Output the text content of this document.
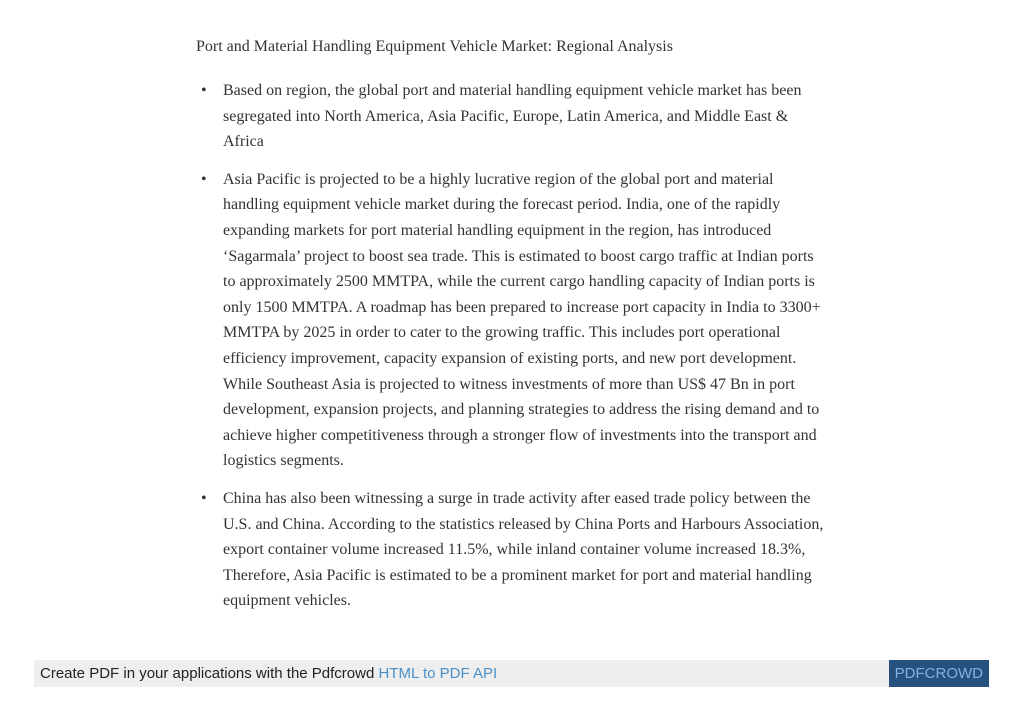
Port and Material Handling Equipment Vehicle Market: Regional Analysis
• Based on region, the global port and material handling equipment vehicle market has been segregated into North America, Asia Pacific, Europe, Latin America, and Middle East & Africa
• Asia Pacific is projected to be a highly lucrative region of the global port and material handling equipment vehicle market during the forecast period. India, one of the rapidly expanding markets for port material handling equipment in the region, has introduced ‘Sagarmala’ project to boost sea trade. This is estimated to boost cargo traffic at Indian ports to approximately 2500 MMTPA, while the current cargo handling capacity of Indian ports is only 1500 MMTPA. A roadmap has been prepared to increase port capacity in India to 3300+ MMTPA by 2025 in order to cater to the growing traffic. This includes port operational efficiency improvement, capacity expansion of existing ports, and new port development. While Southeast Asia is projected to witness investments of more than US$ 47 Bn in port development, expansion projects, and planning strategies to address the rising demand and to achieve higher competitiveness through a stronger flow of investments into the transport and logistics segments.
• China has also been witnessing a surge in trade activity after eased trade policy between the U.S. and China. According to the statistics released by China Ports and Harbours Association, export container volume increased 11.5%, while inland container volume increased 18.3%, Therefore, Asia Pacific is estimated to be a prominent market for port and material handling equipment vehicles.
Create PDF in your applications with the Pdfcrowd HTML to PDF API	PDFCROWD
